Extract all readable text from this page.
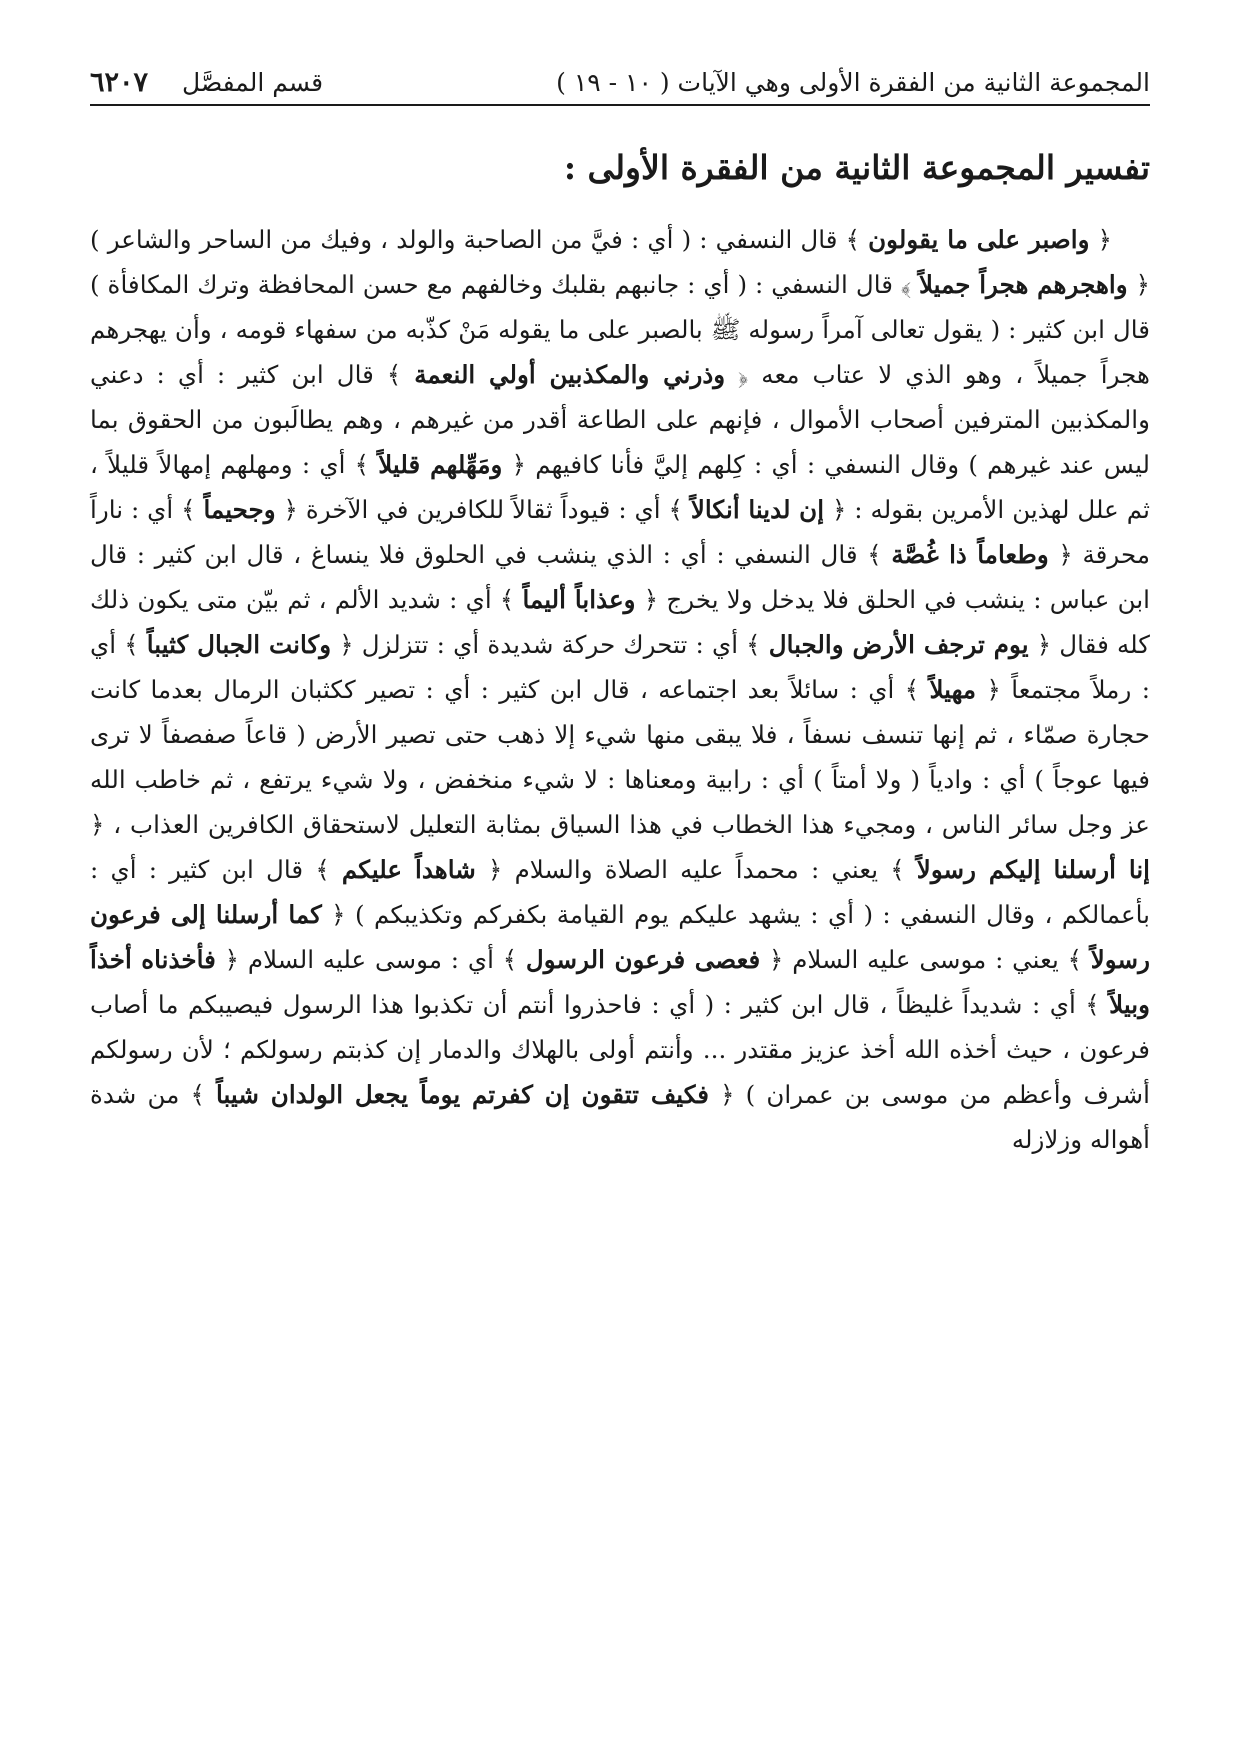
المجموعة الثانية من الفقرة الأولى وهي الآيات ( ١٠ - ١٩ )
قسم المفصَّل
٦٢٠٧
تفسير المجموعة الثانية من الفقرة الأولى :

﴿ واصبر على ما يقولون ﴾ قال النسفي : ( أي : فيَّ من الصاحبة والولد ، وفيك من الساحر والشاعر ) ﴿ واهجرهم هجراً جميلاً ﴾ قال النسفي : ( أي : جانبهم بقلبك وخالفهم مع حسن المحافظة وترك المكافأة ) قال ابن كثير : ( يقول تعالى آمراً رسوله ﷺ بالصبر على ما يقوله مَنْ كذّبه من سفهاء قومه ، وأن يهجرهم هجراً جميلاً ، وهو الذي لا عتاب معه ﴿ وذرني والمكذبين أولي النعمة ﴾ قال ابن كثير : أي : دعني والمكذبين المترفين أصحاب الأموال ، فإنهم على الطاعة أقدر من غيرهم ، وهم يطالَبون من الحقوق بما ليس عند غيرهم ) وقال النسفي : أي : كِلهم إليَّ فأنا كافيهم ﴿ ومَهِّلهم قليلاً ﴾ أي : ومهلهم إمهالاً قليلاً ، ثم علل لهذين الأمرين بقوله : ﴿ إن لدينا أنكالاً ﴾ أي : قيوداً ثقالاً للكافرين في الآخرة ﴿ وجحيماً ﴾ أي : ناراً محرقة ﴿ وطعاماً ذا غُصَّة ﴾ قال النسفي : أي : الذي ينشب في الحلوق فلا ينساغ ، قال ابن كثير : قال ابن عباس : ينشب في الحلق فلا يدخل ولا يخرج ﴿ وعذاباً أليماً ﴾ أي : شديد الألم ، ثم بيّن متى يكون ذلك كله فقال ﴿ يوم ترجف الأرض والجبال ﴾ أي : تتحرك حركة شديدة أي : تتزلزل ﴿ وكانت الجبال كثيباً ﴾ أي : رملاً مجتمعاً ﴿ مهيلاً ﴾ أي : سائلاً بعد اجتماعه ، قال ابن كثير : أي : تصير ككثبان الرمال بعدما كانت حجارة صمّاء ، ثم إنها تنسف نسفاً ، فلا يبقى منها شيء إلا ذهب حتى تصير الأرض ( قاعاً صفصفاً لا ترى فيها عوجاً ) أي : وادياً ( ولا أمتاً ) أي : رابية ومعناها : لا شيء منخفض ، ولا شيء يرتفع ، ثم خاطب الله عز وجل سائر الناس ، ومجيء هذا الخطاب في هذا السياق بمثابة التعليل لاستحقاق الكافرين العذاب ، ﴿ إنا أرسلنا إليكم رسولاً ﴾ يعني : محمداً عليه الصلاة والسلام ﴿ شاهداً عليكم ﴾ قال ابن كثير : أي : بأعمالكم ، وقال النسفي : ( أي : يشهد عليكم يوم القيامة بكفركم وتكذيبكم ) ﴿ كما أرسلنا إلى فرعون رسولاً ﴾ يعني : موسى عليه السلام ﴿ فعصى فرعون الرسول ﴾ أي : موسى عليه السلام ﴿ فأخذناه أخذاً وبيلاً ﴾ أي : شديداً غليظاً ، قال ابن كثير : ( أي : فاحذروا أنتم أن تكذبوا هذا الرسول فيصيبكم ما أصاب فرعون ، حيث أخذه الله أخذ عزيز مقتدر ... وأنتم أولى بالهلاك والدمار إن كذبتم رسولكم ؛ لأن رسولكم أشرف وأعظم من موسى بن عمران ) ﴿ فكيف تتقون إن كفرتم يوماً يجعل الولدان شيباً ﴾ من شدة أهواله وزلازله
